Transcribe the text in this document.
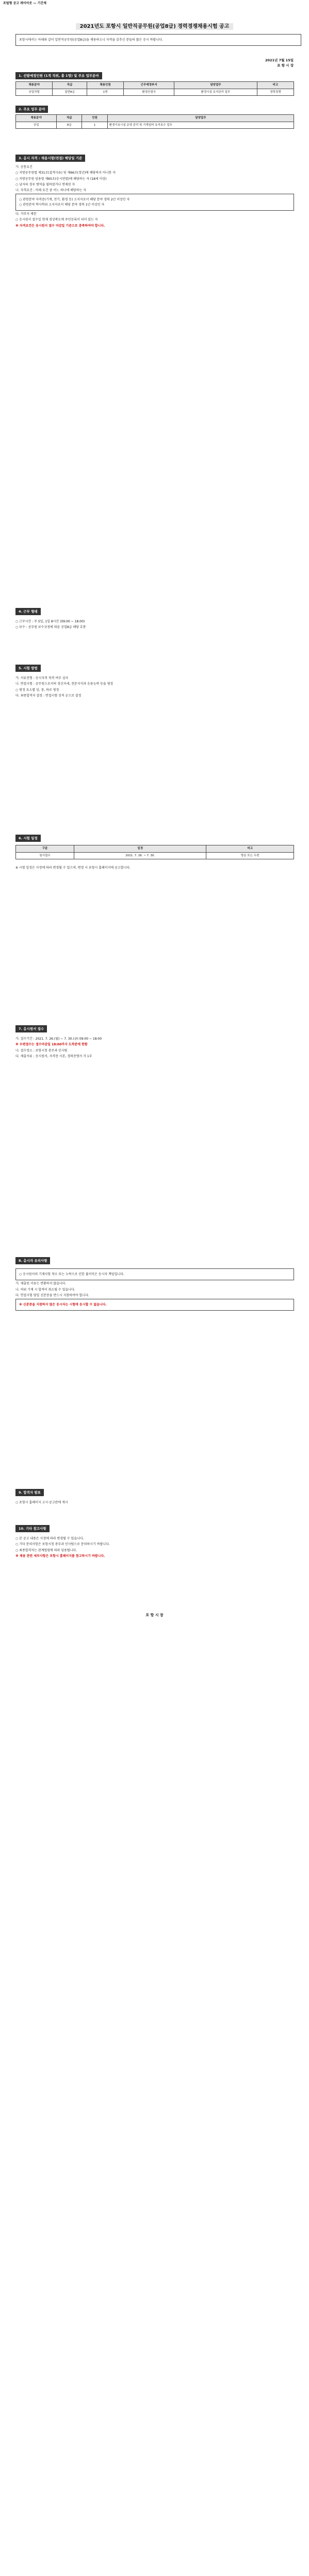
포털형 공고 레이아웃 — 기간제
2021년도 포항시 일반직공무원(공업8급) 경력경쟁채용시험 공고
포항시에서는 아래와 같이 일반직공무원(공업8급)을 채용하오니 자격을 갖추신 분들의 많은 응시 바랍니다.
2021년 7월 15일
포 항 시 장
1. 선발예정인원 (1개 직위, 총 1명) 및 주요 업무분야
채용분야	직급	채용인원	근무예정부서	담당업무	비고
공업직렬	일반8급	1명	환경산림국	환경시설 유지관리 업무	경력경쟁
2. 주요 업무 분야
채용분야	직급	인원	담당업무
공업	8급	1	환경기초시설 운영 관리 및 기계설비 유지보수 업무
3. 응시 자격 : 채용시험(면접) 해당일 기준
가. 공통요건
○ 지방공무원법 제31조(결격사유) 및 제66조(정년)에 해당하지 아니한 자
○ 지방공무원 임용령 제65조(응시연령)에 해당하는 자 (18세 이상)
○ 남자의 경우 병역을 필하였거나 면제된 자
나. 자격요건 : 아래 요건 중 어느 하나에 해당하는 자
○ 관련분야 자격증(기계, 전기, 환경 등) 소지자로서 해당 분야 경력 2년 이상인 자
○ 관련분야 학사학위 소지자로서 해당 분야 경력 1년 이상인 자
다. 거주지 제한
○ 응시원서 접수일 현재 경상북도에 주민등록이 되어 있는 자
※ 자격요건은 응시원서 접수 마감일 기준으로 충족하여야 합니다.
4. 근무 형태
○ 근무시간 : 주 5일, 1일 8시간 (09:00 ~ 18:00)
○ 보수 : 공무원 보수규정에 따른 공업8급 해당 호봉
5. 시험 방법
가. 서류전형 : 응시자격 적격 여부 심사
나. 면접시험 : 공무원으로서의 정신자세, 전문지식과 응용능력 등을 평정
○ 평정 요소별 상, 중, 하로 평정
다. 최종합격자 결정 : 면접시험 성적 순으로 결정
6. 시험 일정
구분	일정	비고
원서접수	2021. 7. 26. ~ 7. 30.	방문 또는 우편
※ 시험 일정은 사정에 따라 변경될 수 있으며, 변경 시 포항시 홈페이지에 공고합니다.
7. 응시원서 접수
가. 접수기간 : 2021. 7. 26.(월) ~ 7. 30.(금) 09:00 ~ 18:00
※ 우편접수는 접수마감일 18:00까지 도착분에 한함
나. 접수장소 : 포항시청 총무과 인사팀
다. 제출서류 : 응시원서, 자격증 사본, 경력증명서 각 1부
8. 응시자 유의사항
○ 응시원서의 기재사항 착오 또는 누락으로 인한 불이익은 응시자 책임입니다.
가. 제출된 서류는 반환하지 않습니다.
나. 허위 기재 시 합격이 취소될 수 있습니다.
다. 면접시험 당일 신분증을 반드시 지참하여야 합니다.
※ 신분증을 지참하지 않은 응시자는 시험에 응시할 수 없습니다.
9. 합격자 발표
○ 포항시 홈페이지 고시·공고란에 게시
10. 기타 참고사항
○ 본 공고 내용은 사정에 따라 변경될 수 있습니다.
○ 기타 문의사항은 포항시청 총무과 인사팀으로 문의하시기 바랍니다.
○ 최종합격자는 관계법령에 따라 임용됩니다.
※ 채용 관련 세부사항은 포항시 홈페이지를 참고하시기 바랍니다.
포 항 시 장
